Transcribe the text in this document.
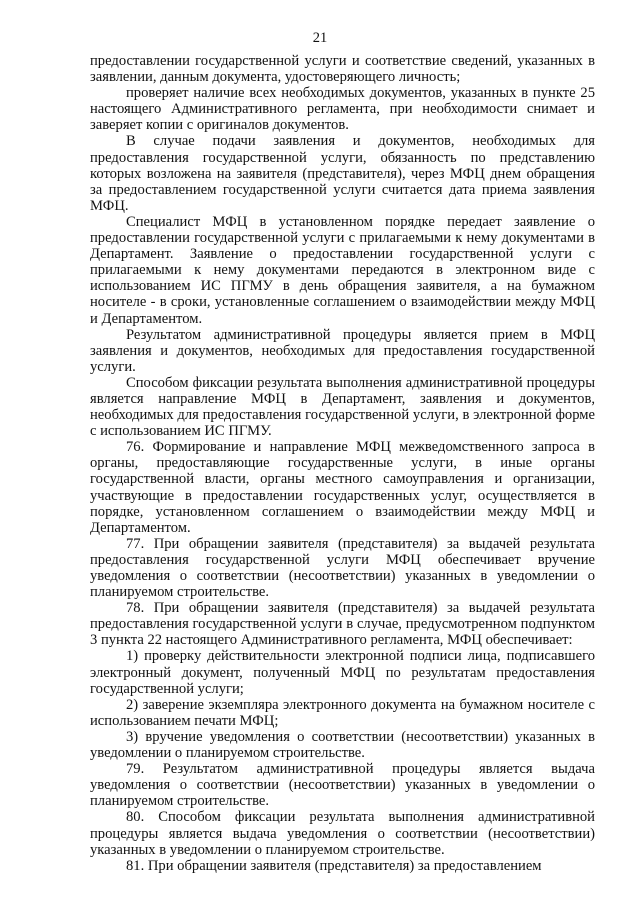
21

предоставлении государственной услуги и соответствие сведений, указанных в заявлении, данным документа, удостоверяющего личность;

проверяет наличие всех необходимых документов, указанных в пункте 25 настоящего Административного регламента, при необходимости снимает и заверяет копии с оригиналов документов.

В случае подачи заявления и документов, необходимых для предоставления государственной услуги, обязанность по представлению которых возложена на заявителя (представителя), через МФЦ днем обращения за предоставлением государственной услуги считается дата приема заявления МФЦ.

Специалист МФЦ в установленном порядке передает заявление о предоставлении государственной услуги с прилагаемыми к нему документами в Департамент. Заявление о предоставлении государственной услуги с прилагаемыми к нему документами передаются в электронном виде с использованием ИС ПГМУ в день обращения заявителя, а на бумажном носителе - в сроки, установленные соглашением о взаимодействии между МФЦ и Департаментом.

Результатом административной процедуры является прием в МФЦ заявления и документов, необходимых для предоставления государственной услуги.

Способом фиксации результата выполнения административной процедуры является направление МФЦ в Департамент, заявления и документов, необходимых для предоставления государственной услуги, в электронной форме с использованием ИС ПГМУ.

76. Формирование и направление МФЦ межведомственного запроса в органы, предоставляющие государственные услуги, в иные органы государственной власти, органы местного самоуправления и организации, участвующие в предоставлении государственных услуг, осуществляется в порядке, установленном соглашением о взаимодействии между МФЦ и Департаментом.

77. При обращении заявителя (представителя) за выдачей результата предоставления государственной услуги МФЦ обеспечивает вручение уведомления о соответствии (несоответствии) указанных в уведомлении о планируемом строительстве.

78. При обращении заявителя (представителя) за выдачей результата предоставления государственной услуги в случае, предусмотренном подпунктом 3 пункта 22 настоящего Административного регламента, МФЦ обеспечивает:

1) проверку действительности электронной подписи лица, подписавшего электронный документ, полученный МФЦ по результатам предоставления государственной услуги;

2) заверение экземпляра электронного документа на бумажном носителе с использованием печати МФЦ;

3) вручение уведомления о соответствии (несоответствии) указанных в уведомлении о планируемом строительстве.

79. Результатом административной процедуры является выдача уведомления о соответствии (несоответствии) указанных в уведомлении о планируемом строительстве.

80. Способом фиксации результата выполнения административной процедуры является выдача уведомления о соответствии (несоответствии) указанных в уведомлении о планируемом строительстве.

81. При обращении заявителя (представителя) за предоставлением
